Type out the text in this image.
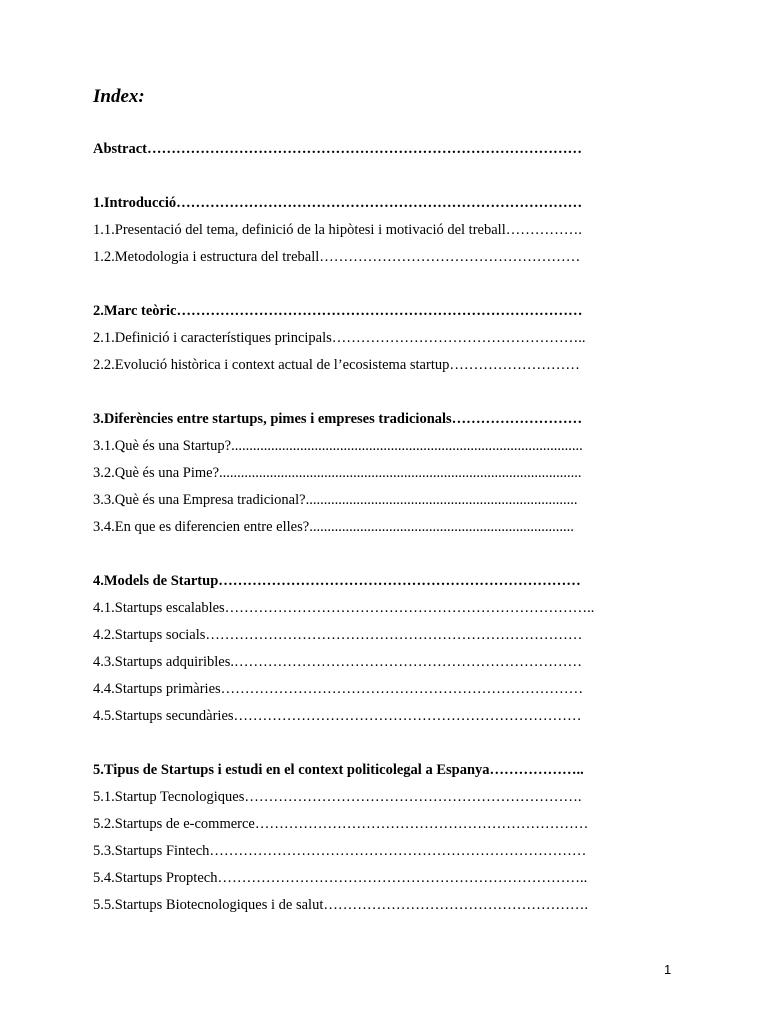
Index:
Abstract………………………………………………………………………………
1.Introducció…………………………………………………………………………
1.1.Presentació del tema, definició de la hipòtesi i motivació del treball…………….
1.2.Metodologia i estructura del treball………………………………………………
2.Marc teòric…………………………………………………………………………
2.1.Definició i característiques principals……………………………………………..
2.2.Evolució històrica i context actual de l’ecosistema startup………………………
3.Diferències entre startups, pimes i empreses tradicionals………………………
3.1.Què és una Startup?.................................................................................................
3.2.Què és una Pime?....................................................................................................
3.3.Què és una Empresa tradicional?...........................................................................
3.4.En que es diferencien entre elles?.........................................................................
4.Models de Startup…………………………………………………………………
4.1.Startups escalables…………………………………………………………………..
4.2.Startups socials……………………………………………………………………
4.3.Startups adquiribles.………………………………………………………………
4.4.Startups primàries…………………………………………………………………
4.5.Startups secundàries………………………………………………………………
5.Tipus de Startups i estudi en el context politicolegal a Espanya………………..
5.1.Startup Tecnologiques…………………………………………………………….
5.2.Startups de e-commerce……………………………………………………………
5.3.Startups Fintech……………………………………………………………………
5.4.Startups Proptech…………………………………………………………………..
5.5.Startups Biotecnologiques i de salut……………………………………………….
1
